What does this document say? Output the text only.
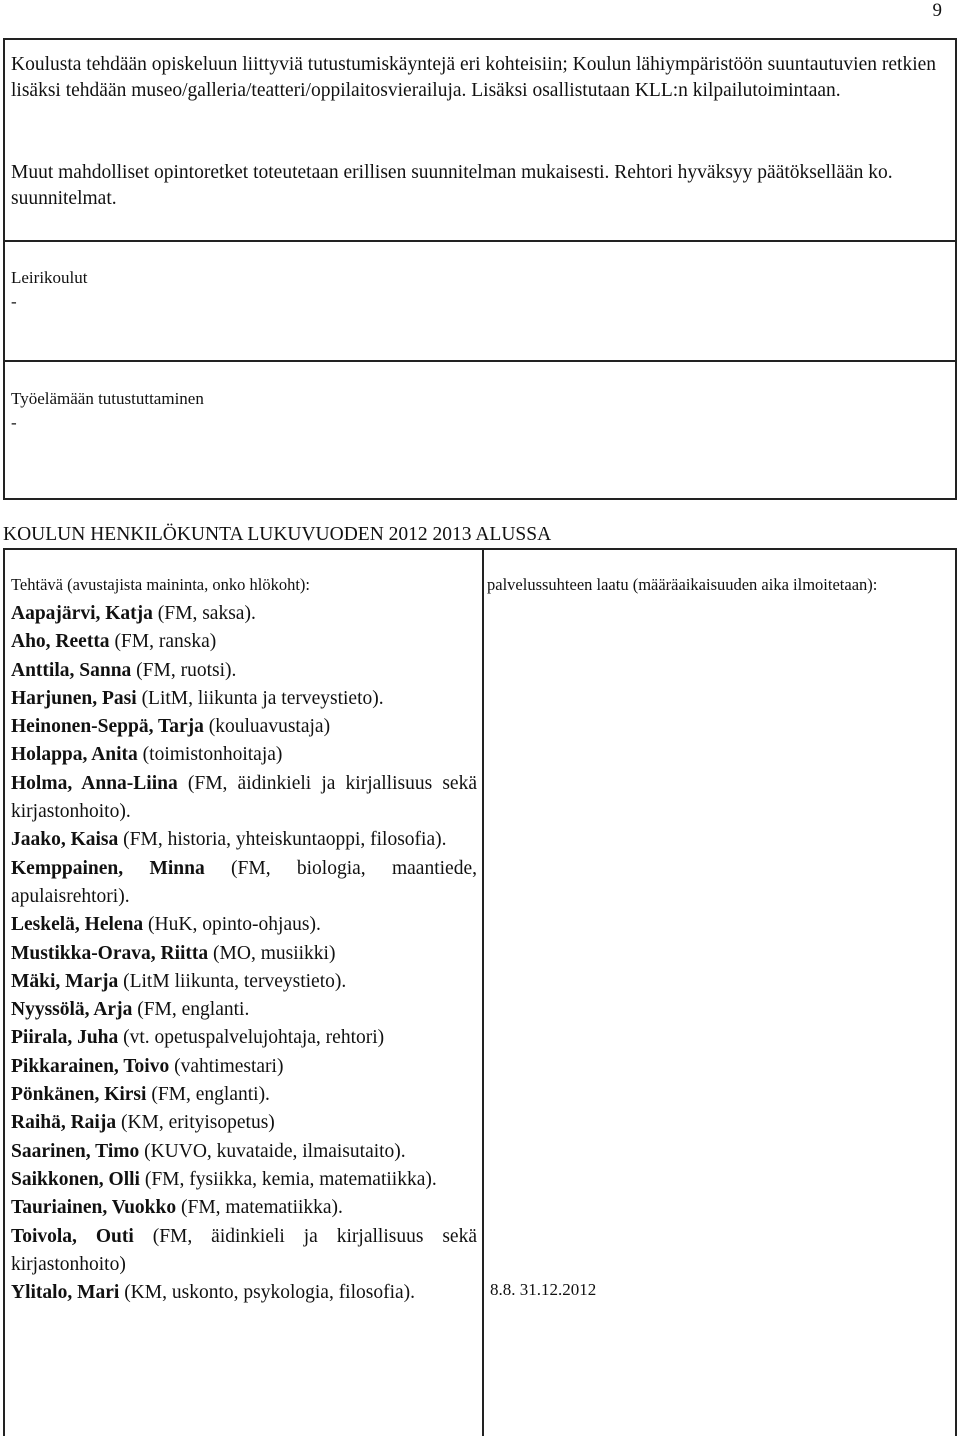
9
Koulusta tehdään opiskeluun liittyviä tutustumiskäyntejä eri kohteisiin; Koulun lähiympäristöön suuntautuvien retkien lisäksi tehdään museo/galleria/teatteri/oppilaitosvierailuja. Lisäksi osallistutaan KLL:n kilpailutoimintaan.
Muut mahdolliset opintoretket toteutetaan erillisen suunnitelman mukaisesti. Rehtori hyväksyy päätöksellään ko. suunnitelmat.
Leirikoulut
-
Työelämään tutustuttaminen
-
KOULUN HENKILÖKUNTA LUKUVUODEN 2012 2013 ALUSSA
Tehtävä (avustajista maininta, onko hlökoht):	palvelussuhteen laatu (määräaikaisuuden aika ilmoitetaan):

Aapajärvi, Katja (FM, saksa).

Aho, Reetta (FM, ranska)

Anttila, Sanna (FM, ruotsi).

Harjunen, Pasi (LitM, liikunta ja terveystieto).

Heinonen-Seppä, Tarja (kouluavustaja)

Holappa, Anita (toimistonhoitaja)

Holma, Anna-Liina (FM, äidinkieli ja kirjallisuus sekä kirjastonhoito).

Jaako, Kaisa (FM, historia, yhteiskuntaoppi, filosofia).

Kemppainen, Minna (FM, biologia, maantiede, apulaisrehtori).

Leskelä, Helena (HuK, opinto-ohjaus).

Mustikka-Orava, Riitta (MO, musiikki)

Mäki, Marja (LitM liikunta, terveystieto).

Nyyssölä, Arja (FM, englanti.

Piirala, Juha (vt. opetuspalvelujohtaja, rehtori)

Pikkarainen, Toivo (vahtimestari)

Pönkänen, Kirsi (FM, englanti).

Raihä, Raija (KM, erityisopetus)

Saarinen, Timo (KUVO, kuvataide, ilmaisutaito).

Saikkonen, Olli (FM, fysiikka, kemia, matematiikka).

Tauriainen, Vuokko (FM, matematiikka).

Toivola, Outi (FM, äidinkieli ja kirjallisuus sekä kirjastonhoito)

Ylitalo, Mari (KM, uskonto, psykologia, filosofia).	8.8. 31.12.2012
